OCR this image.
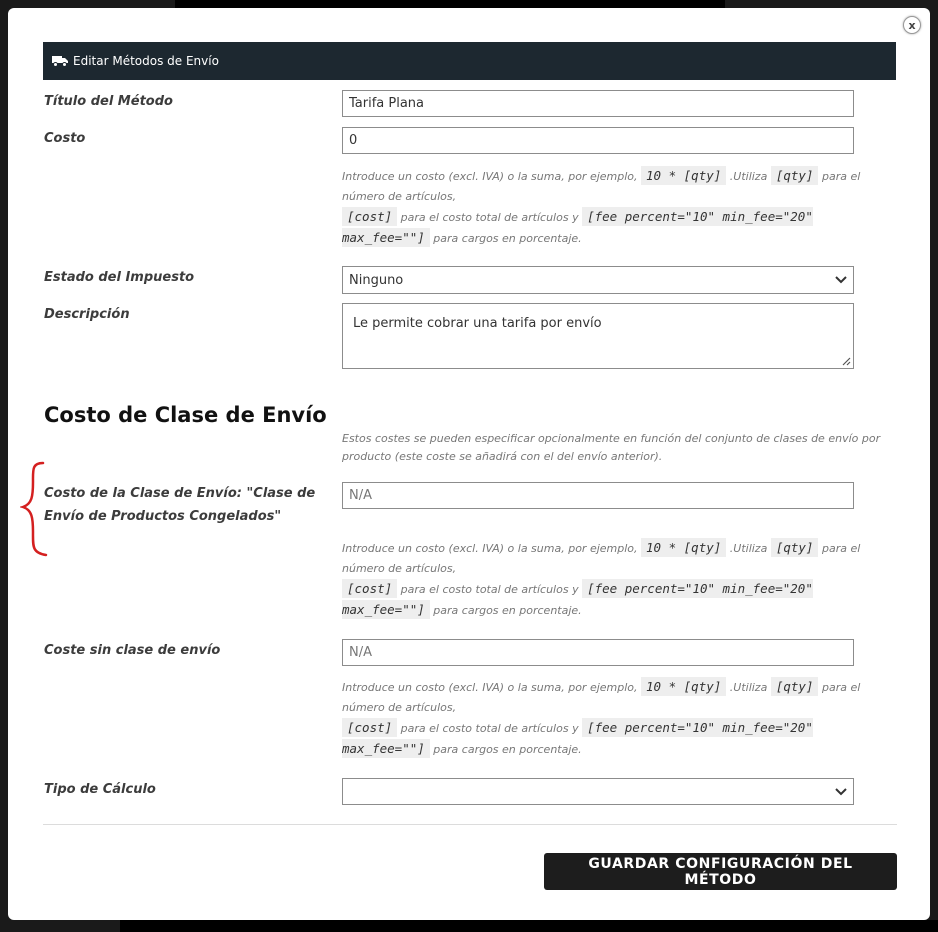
x
Editar Métodos de Envío
Título del Método	Tarifa Plana
Costo	0

Introduce un costo (excl. IVA) o la suma, por ejemplo, 10 * [qty] .Utiliza [qty] para el número de artículos,

[cost] para el costo total de artículos y [fee percent="10" min_fee="20" max_fee=""] para cargos en porcentaje.

Estado del Impuesto	Ninguno
Descripción
Le permite cobrar una tarifa por envío
Costo de Clase de Envío
Estos costes se pueden especificar opcionalmente en función del conjunto de clases de envío por producto (este coste se añadirá con el del envío anterior).
Costo de la Clase de Envío: "Clase de Envío de Productos Congelados"
N/A

Introduce un costo (excl. IVA) o la suma, por ejemplo, 10 * [qty] .Utiliza [qty] para el número de artículos,

[cost] para el costo total de artículos y [fee percent="10" min_fee="20" max_fee=""] para cargos en porcentaje.

Coste sin clase de envío	N/A

Introduce un costo (excl. IVA) o la suma, por ejemplo, 10 * [qty] .Utiliza [qty] para el número de artículos,

[cost] para el costo total de artículos y [fee percent="10" min_fee="20" max_fee=""] para cargos en porcentaje.

Tipo de Cálculo
GUARDAR CONFIGURACIÓN DEL MÉTODO
